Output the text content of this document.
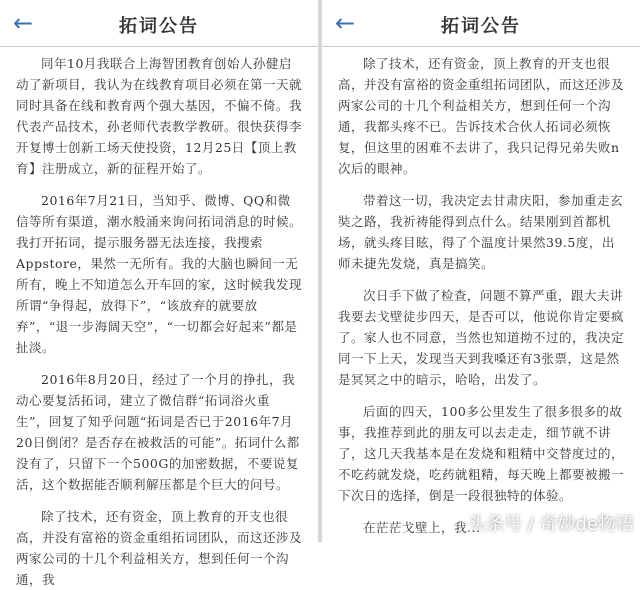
←	拓词公告

同年10月我联合上海智团教育创始人孙健启动了新项目，我认为在线教育项目必须在第一天就同时具备在线和教育两个强大基因，不偏不倚。我代表产品技术，孙老师代表教学教研。很快获得李开复博士创新工场天使投资，12月25日【顶上教育】注册成立，新的征程开始了。

2016年7月21日，当知乎、微博、QQ和微信等所有渠道，潮水般涌来询问拓词消息的时候。我打开拓词，提示服务器无法连接，我搜索Appstore，果然一无所有。我的大脑也瞬间一无所有，晚上不知道怎么开车回的家，这时候我发现所谓“争得起，放得下”，“该放弃的就要放弃”，“退一步海阔天空”，“一切都会好起来”都是扯淡。

2016年8月20日，经过了一个月的挣扎，我动心要复活拓词，建立了微信群“拓词浴火重生”，回复了知乎问题“拓词是否已于2016年7月20日倒闭？是否存在被救活的可能”。拓词什么都没有了，只留下一个500G的加密数据，不要说复活，这个数据能否顺利解压都是个巨大的问号。

除了技术，还有资金，顶上教育的开支也很高，并没有富裕的资金重组拓词团队，而这还涉及两家公司的十几个利益相关方，想到任何一个沟通，我

←	拓词公告

除了技术，还有资金，顶上教育的开支也很高，并没有富裕的资金重组拓词团队，而这还涉及两家公司的十几个利益相关方，想到任何一个沟通，我都头疼不已。告诉技术合伙人拓词必须恢复，但这里的困难不去讲了，我只记得兄弟失败n次后的眼神。

带着这一切，我决定去甘肃庆阳，参加重走玄奘之路，我祈祷能得到点什么。结果刚到首都机场，就头疼目眩，得了个温度计果然39.5度，出师未捷先发烧，真是搞笑。

次日手下做了检查，问题不算严重，跟大夫讲我要去戈壁徒步四天，是否可以，他说你肯定要疯了。家人也不同意，当然也知道拗不过的，我决定同一下上天，发现当天到我嗓还有3张票，这是然是冥冥之中的暗示，哈哈，出发了。

后面的四天，100多公里发生了很多很多的故事，我推荐到此的朋友可以去走走，细节就不讲了，这几天我基本是在发烧和粗精中交替度过的，不吃药就发烧，吃药就粗精，每天晚上都要被搬一下次日的选择，倒是一段很独特的体验。

在茫茫戈壁上，我...

头条号 / 奇妙de物语
